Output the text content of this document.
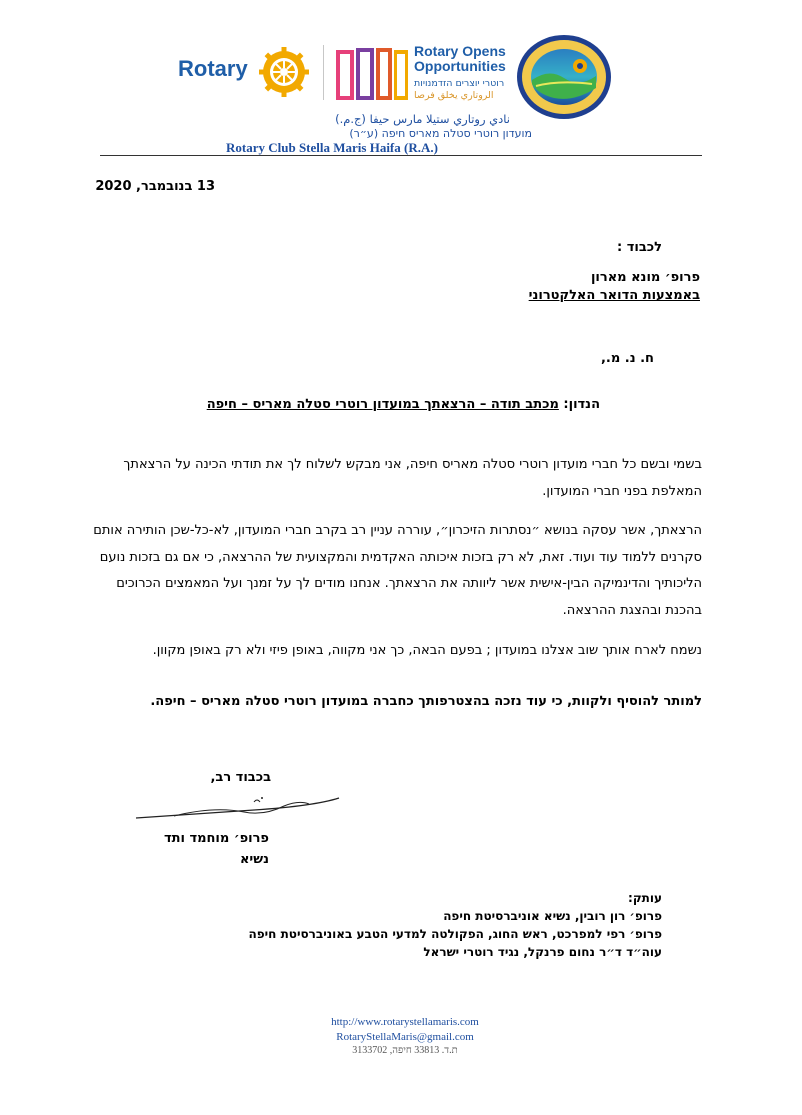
Rotary
Rotary Opens
Opportunities
רוטרי יוצרים הזדמנויות
الروتاري يخلق فرصا
نادي روتاري ستيلا مارس حيفا (ج.م.)
מועדון רוטרי סטלה מאריס חיפה (ע״ר)
Rotary Club Stella Maris Haifa (R.A.)
13 בנובמבר, 2020
לכבוד :
פרופ׳ מונא מארון
באמצעות הדואר האלקטרוני
ח. נ. מ.,
הנדון: מכתב תודה – הרצאתך במועדון רוטרי סטלה מאריס – חיפה
בשמי ובשם כל חברי מועדון רוטרי סטלה מאריס חיפה, אני מבקש לשלוח לך את תודתי הכינה על הרצאתך המאלפת בפני חברי המועדון.
הרצאתך, אשר עסקה בנושא ״נסתרות הזיכרון״, עוררה עניין רב בקרב חברי המועדון, לא-כל-שכן הותירה אותם סקרנים ללמוד עוד ועוד. זאת, לא רק בזכות איכותה האקדמית והמקצועית של ההרצאה, כי אם גם בזכות נועם הליכותיך והדינמיקה הבין-אישית אשר ליוותה את הרצאתך. אנחנו מודים לך על זמנך ועל המאמצים הכרוכים בהכנת ובהצגת ההרצאה.
נשמח לארח אותך שוב אצלנו במועדון ; בפעם הבאה, כך אני מקווה, באופן פיזי ולא רק באופן מקוון.
למותר להוסיף ולקוות, כי עוד נזכה בהצטרפותך כחברה במועדון רוטרי סטלה מאריס – חיפה.
בכבוד רב,
פרופ׳ מוחמד ותד
נשיא
עותק:
פרופ׳ רון רובין, נשיא אוניברסיטת חיפה
פרופ׳ רפי למפרכט, ראש החוג, הפקולטה למדעי הטבע באוניברסיטת חיפה
עוה״ד ד״ר נחום פרנקל, נגיד רוטרי ישראל
http://www.rotarystellamaris.com
RotaryStellaMaris@gmail.com
ת.ד. 33813 חיפה, 3133702
